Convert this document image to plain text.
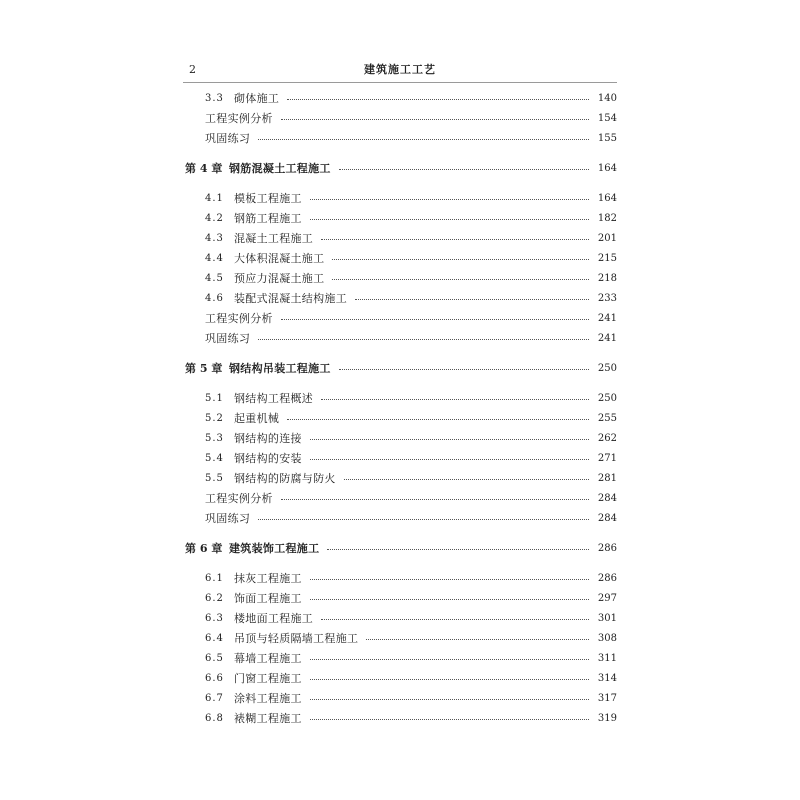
2	建筑施工工艺
3.3 砌体施工	140
工程实例分析	154
巩固练习	155
第 4 章 钢筋混凝土工程施工	164
4.1 模板工程施工	164
4.2 钢筋工程施工	182
4.3 混凝土工程施工	201
4.4 大体积混凝土施工	215
4.5 预应力混凝土施工	218
4.6 装配式混凝土结构施工	233
工程实例分析	241
巩固练习	241
第 5 章 钢结构吊装工程施工	250
5.1 钢结构工程概述	250
5.2 起重机械	255
5.3 钢结构的连接	262
5.4 钢结构的安装	271
5.5 钢结构的防腐与防火	281
工程实例分析	284
巩固练习	284
第 6 章 建筑装饰工程施工	286
6.1 抹灰工程施工	286
6.2 饰面工程施工	297
6.3 楼地面工程施工	301
6.4 吊顶与轻质隔墙工程施工	308
6.5 幕墙工程施工	311
6.6 门窗工程施工	314
6.7 涂料工程施工	317
6.8 裱糊工程施工	319
